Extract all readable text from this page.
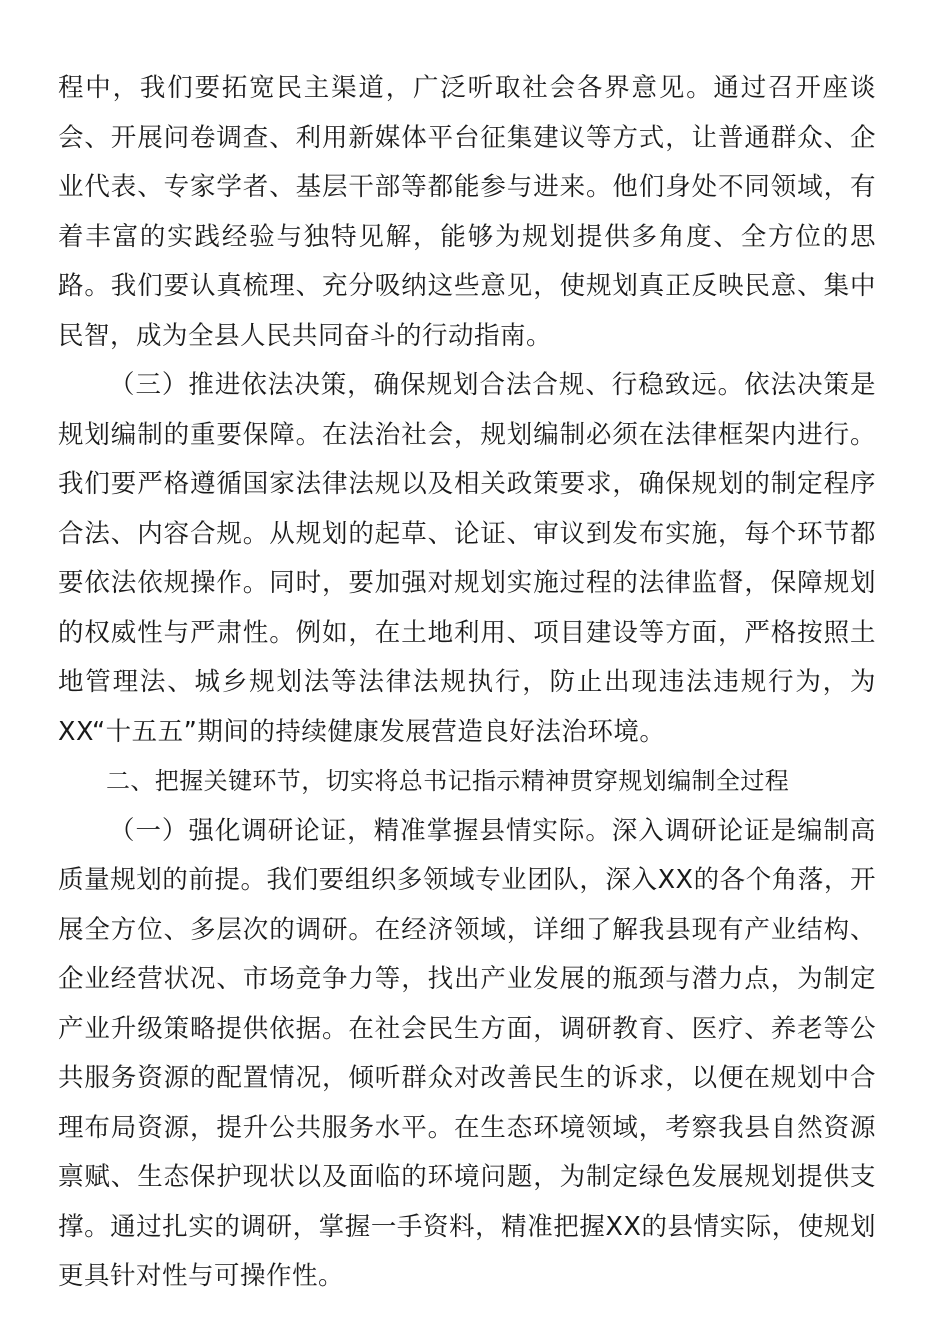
程中，我们要拓宽民主渠道，广泛听取社会各界意见。通过召开座谈会、开展问卷调查、利用新媒体平台征集建议等方式，让普通群众、企业代表、专家学者、基层干部等都能参与进来。他们身处不同领域，有着丰富的实践经验与独特见解，能够为规划提供多角度、全方位的思路。我们要认真梳理、充分吸纳这些意见，使规划真正反映民意、集中民智，成为全县人民共同奋斗的行动指南。

（三）推进依法决策，确保规划合法合规、行稳致远。依法决策是规划编制的重要保障。在法治社会，规划编制必须在法律框架内进行。我们要严格遵循国家法律法规以及相关政策要求，确保规划的制定程序合法、内容合规。从规划的起草、论证、审议到发布实施，每个环节都要依法依规操作。同时，要加强对规划实施过程的法律监督，保障规划的权威性与严肃性。例如，在土地利用、项目建设等方面，严格按照土地管理法、城乡规划法等法律法规执行，防止出现违法违规行为，为XX“十五五”期间的持续健康发展营造良好法治环境。

二、把握关键环节，切实将总书记指示精神贯穿规划编制全过程

（一）强化调研论证，精准掌握县情实际。深入调研论证是编制高质量规划的前提。我们要组织多领域专业团队，深入XX的各个角落，开展全方位、多层次的调研。在经济领域，详细了解我县现有产业结构、企业经营状况、市场竞争力等，找出产业发展的瓶颈与潜力点，为制定产业升级策略提供依据。在社会民生方面，调研教育、医疗、养老等公共服务资源的配置情况，倾听群众对改善民生的诉求，以便在规划中合理布局资源，提升公共服务水平。在生态环境领域，考察我县自然资源禀赋、生态保护现状以及面临的环境问题，为制定绿色发展规划提供支撑。通过扎实的调研，掌握一手资料，精准把握XX的县情实际，使规划更具针对性与可操作性。
